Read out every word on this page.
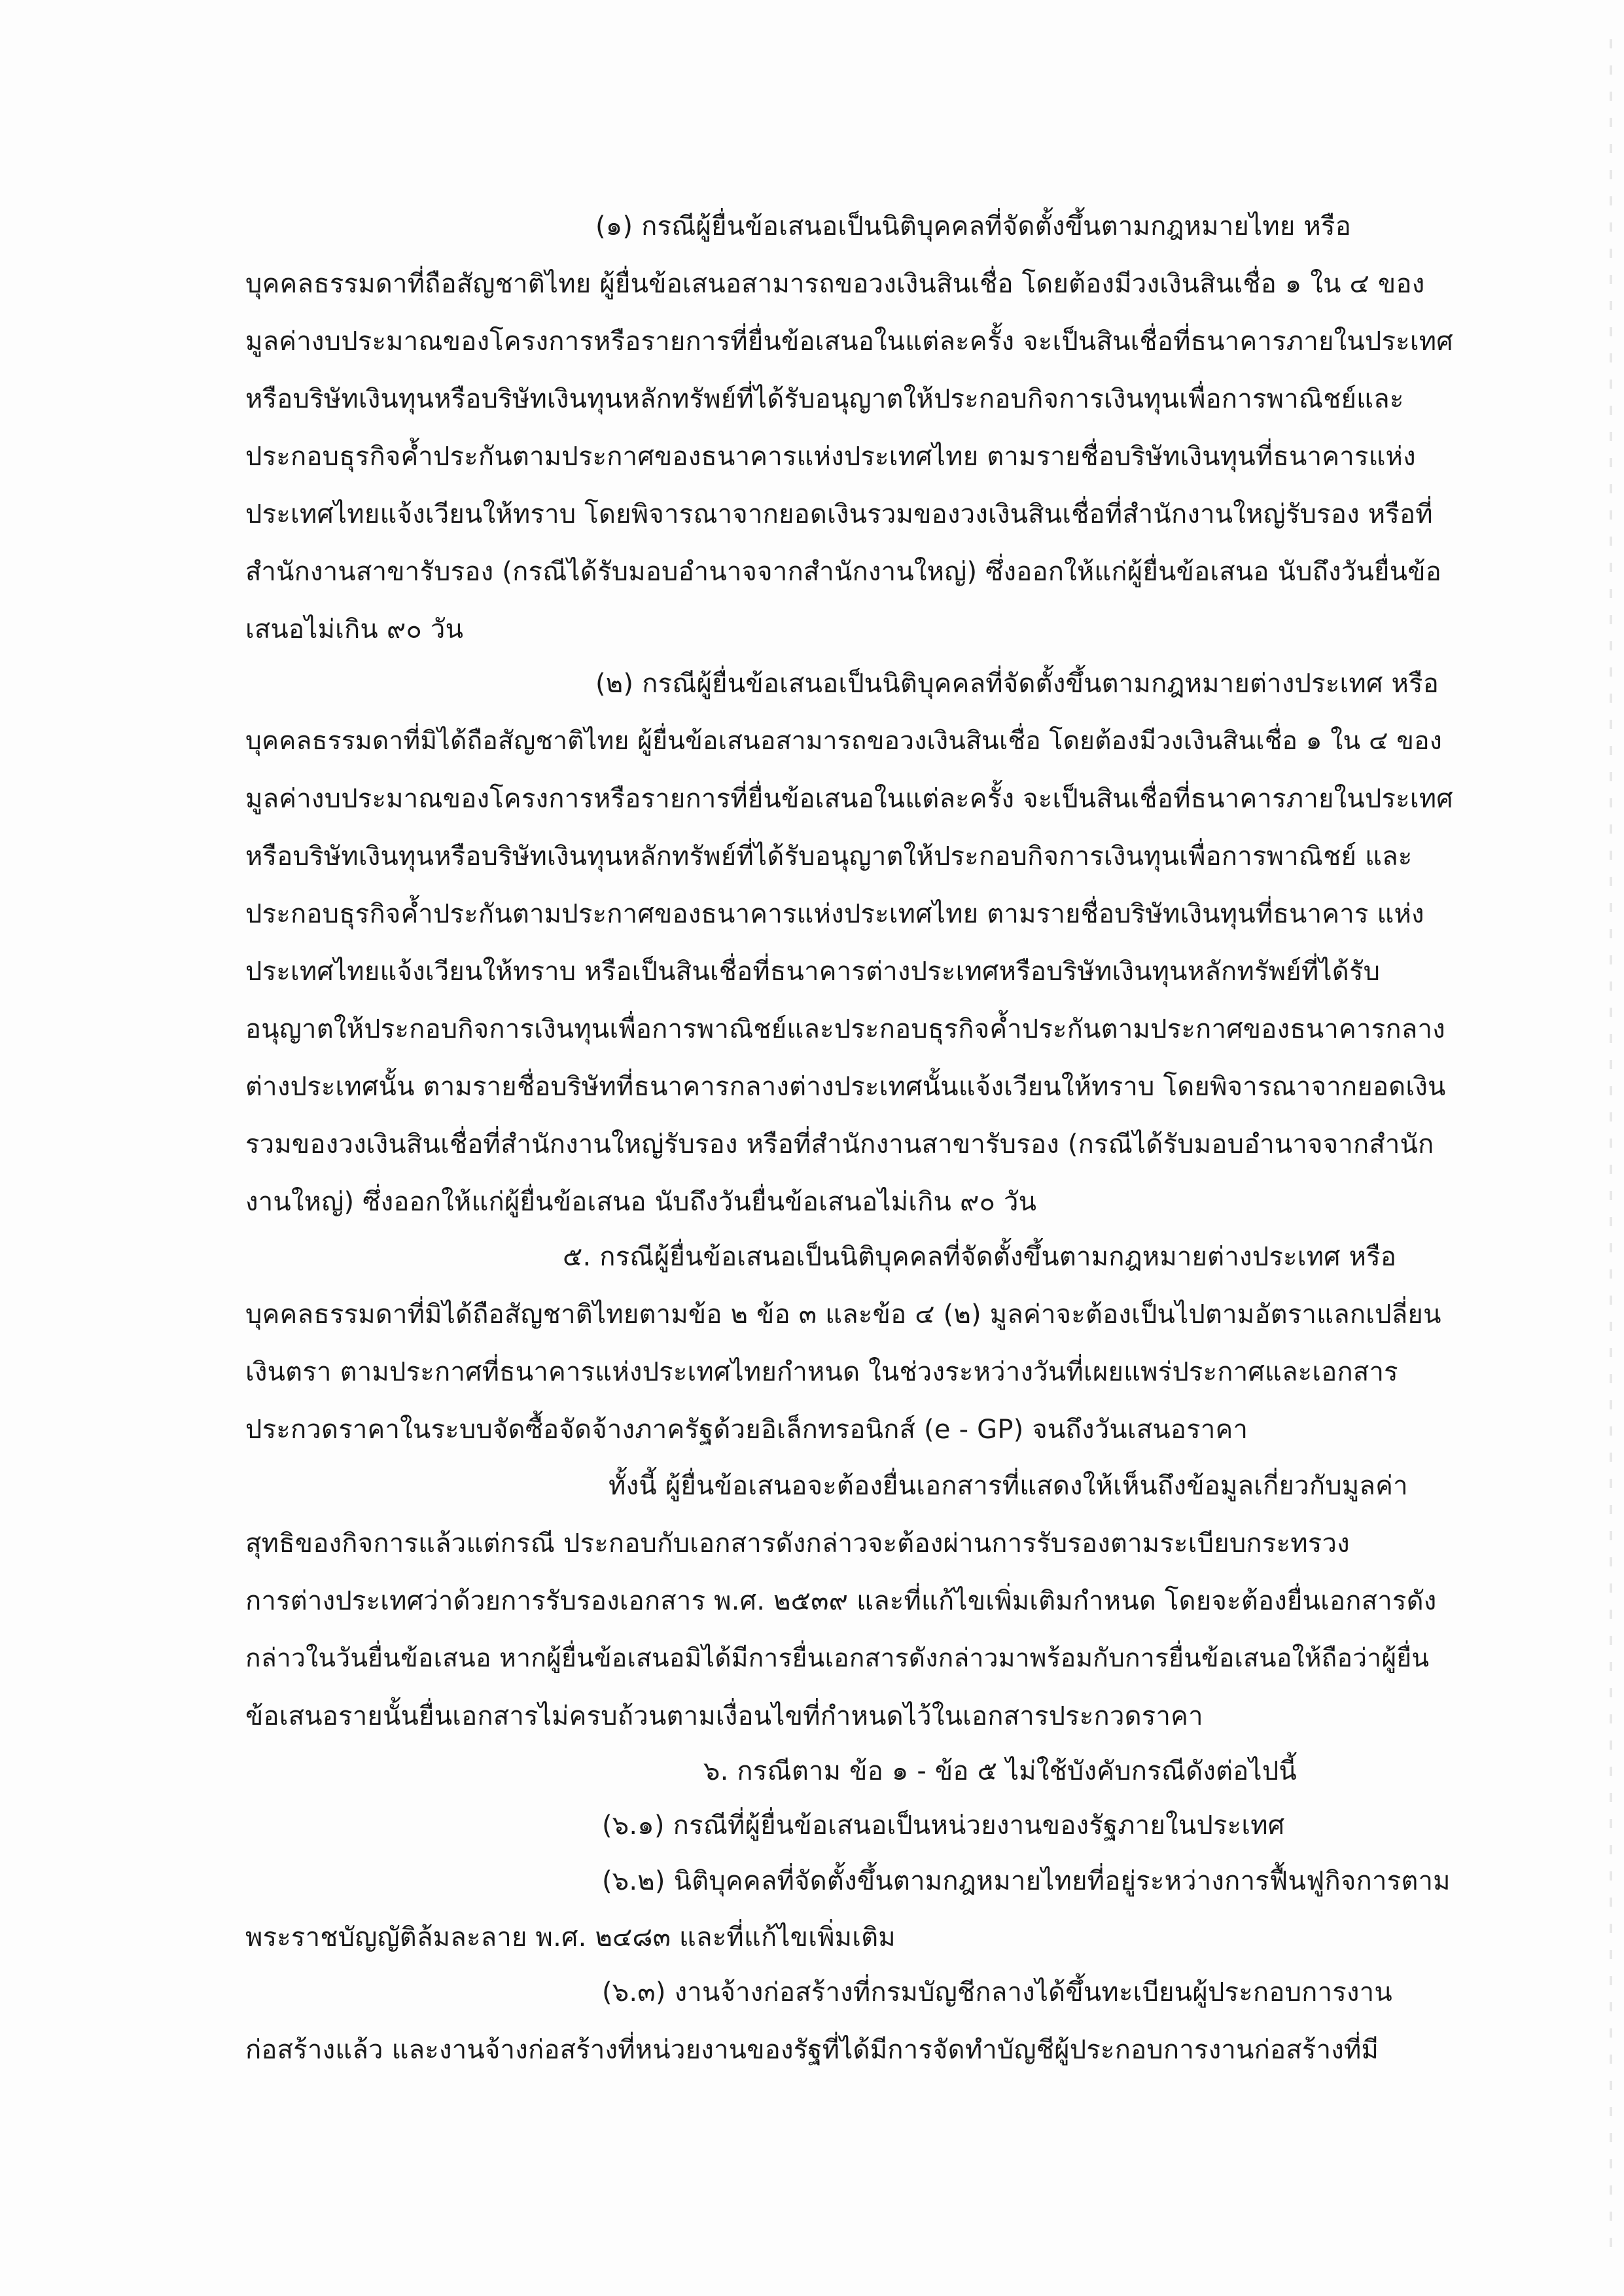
(๑) กรณีผู้ยื่นข้อเสนอเป็นนิติบุคคลที่จัดตั้งขึ้นตามกฎหมายไทย หรือ
บุคคลธรรมดาที่ถือสัญชาติไทย ผู้ยื่นข้อเสนอสามารถขอวงเงินสินเชื่อ โดยต้องมีวงเงินสินเชื่อ ๑ ใน ๔ ของ
มูลค่างบประมาณของโครงการหรือรายการที่ยื่นข้อเสนอในแต่ละครั้ง จะเป็นสินเชื่อที่ธนาคารภายในประเทศ
หรือบริษัทเงินทุนหรือบริษัทเงินทุนหลักทรัพย์ที่ได้รับอนุญาตให้ประกอบกิจการเงินทุนเพื่อการพาณิชย์และ
ประกอบธุรกิจค้ำประกันตามประกาศของธนาคารแห่งประเทศไทย ตามรายชื่อบริษัทเงินทุนที่ธนาคารแห่ง
ประเทศไทยแจ้งเวียนให้ทราบ โดยพิจารณาจากยอดเงินรวมของวงเงินสินเชื่อที่สำนักงานใหญ่รับรอง หรือที่
สำนักงานสาขารับรอง (กรณีได้รับมอบอำนาจจากสำนักงานใหญ่) ซึ่งออกให้แก่ผู้ยื่นข้อเสนอ นับถึงวันยื่นข้อ
เสนอไม่เกิน ๙๐ วัน
(๒) กรณีผู้ยื่นข้อเสนอเป็นนิติบุคคลที่จัดตั้งขึ้นตามกฎหมายต่างประเทศ หรือ
บุคคลธรรมดาที่มิได้ถือสัญชาติไทย ผู้ยื่นข้อเสนอสามารถขอวงเงินสินเชื่อ โดยต้องมีวงเงินสินเชื่อ ๑ ใน ๔ ของ
มูลค่างบประมาณของโครงการหรือรายการที่ยื่นข้อเสนอในแต่ละครั้ง จะเป็นสินเชื่อที่ธนาคารภายในประเทศ
หรือบริษัทเงินทุนหรือบริษัทเงินทุนหลักทรัพย์ที่ได้รับอนุญาตให้ประกอบกิจการเงินทุนเพื่อการพาณิชย์ และ
ประกอบธุรกิจค้ำประกันตามประกาศของธนาคารแห่งประเทศไทย ตามรายชื่อบริษัทเงินทุนที่ธนาคาร แห่ง
ประเทศไทยแจ้งเวียนให้ทราบ หรือเป็นสินเชื่อที่ธนาคารต่างประเทศหรือบริษัทเงินทุนหลักทรัพย์ที่ได้รับ
อนุญาตให้ประกอบกิจการเงินทุนเพื่อการพาณิชย์และประกอบธุรกิจค้ำประกันตามประกาศของธนาคารกลาง
ต่างประเทศนั้น ตามรายชื่อบริษัทที่ธนาคารกลางต่างประเทศนั้นแจ้งเวียนให้ทราบ โดยพิจารณาจากยอดเงิน
รวมของวงเงินสินเชื่อที่สำนักงานใหญ่รับรอง หรือที่สำนักงานสาขารับรอง (กรณีได้รับมอบอำนาจจากสำนัก
งานใหญ่) ซึ่งออกให้แก่ผู้ยื่นข้อเสนอ นับถึงวันยื่นข้อเสนอไม่เกิน ๙๐ วัน
๕. กรณีผู้ยื่นข้อเสนอเป็นนิติบุคคลที่จัดตั้งขึ้นตามกฎหมายต่างประเทศ หรือ
บุคคลธรรมดาที่มิได้ถือสัญชาติไทยตามข้อ ๒ ข้อ ๓ และข้อ ๔ (๒) มูลค่าจะต้องเป็นไปตามอัตราแลกเปลี่ยน
เงินตรา ตามประกาศที่ธนาคารแห่งประเทศไทยกำหนด ในช่วงระหว่างวันที่เผยแพร่ประกาศและเอกสาร
ประกวดราคาในระบบจัดซื้อจัดจ้างภาครัฐด้วยอิเล็กทรอนิกส์ (e - GP) จนถึงวันเสนอราคา
ทั้งนี้ ผู้ยื่นข้อเสนอจะต้องยื่นเอกสารที่แสดงให้เห็นถึงข้อมูลเกี่ยวกับมูลค่า
สุทธิของกิจการแล้วแต่กรณี ประกอบกับเอกสารดังกล่าวจะต้องผ่านการรับรองตามระเบียบกระทรวง
การต่างประเทศว่าด้วยการรับรองเอกสาร พ.ศ. ๒๕๓๙ และที่แก้ไขเพิ่มเติมกำหนด โดยจะต้องยื่นเอกสารดัง
กล่าวในวันยื่นข้อเสนอ หากผู้ยื่นข้อเสนอมิได้มีการยื่นเอกสารดังกล่าวมาพร้อมกับการยื่นข้อเสนอให้ถือว่าผู้ยื่น
ข้อเสนอรายนั้นยื่นเอกสารไม่ครบถ้วนตามเงื่อนไขที่กำหนดไว้ในเอกสารประกวดราคา
๖. กรณีตาม ข้อ ๑ - ข้อ ๕ ไม่ใช้บังคับกรณีดังต่อไปนี้
(๖.๑) กรณีที่ผู้ยื่นข้อเสนอเป็นหน่วยงานของรัฐภายในประเทศ
(๖.๒) นิติบุคคลที่จัดตั้งขึ้นตามกฎหมายไทยที่อยู่ระหว่างการฟื้นฟูกิจการตาม
พระราชบัญญัติล้มละลาย พ.ศ. ๒๔๘๓ และที่แก้ไขเพิ่มเติม
(๖.๓) งานจ้างก่อสร้างที่กรมบัญชีกลางได้ขึ้นทะเบียนผู้ประกอบการงาน
ก่อสร้างแล้ว และงานจ้างก่อสร้างที่หน่วยงานของรัฐที่ได้มีการจัดทำบัญชีผู้ประกอบการงานก่อสร้างที่มี
